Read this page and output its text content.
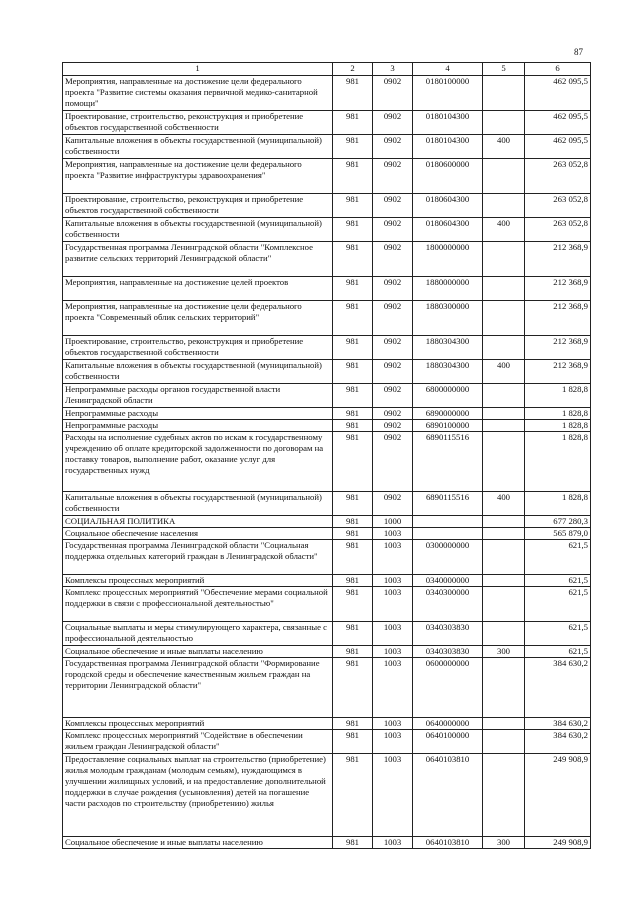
87
1	2	3	4	5	6
Мероприятия, направленные на достижение цели федерального проекта "Развитие системы оказания первичной медико-санитарной помощи"	981	0902	0180100000		462 095,5
Проектирование, строительство, реконструкция и приобретение объектов государственной собственности	981	0902	0180104300		462 095,5
Капитальные вложения в объекты государственной (муниципальной) собственности	981	0902	0180104300	400	462 095,5
Мероприятия, направленные на достижение цели федерального проекта "Развитие инфраструктуры здравоохранения"	981	0902	0180600000		263 052,8
Проектирование, строительство, реконструкция и приобретение объектов государственной собственности	981	0902	0180604300		263 052,8
Капитальные вложения в объекты государственной (муниципальной) собственности	981	0902	0180604300	400	263 052,8
Государственная программа Ленинградской области "Комплексное развитие сельских территорий Ленинградской области"	981	0902	1800000000		212 368,9
Мероприятия, направленные на достижение целей проектов	981	0902	1880000000		212 368,9
Мероприятия, направленные на достижение цели федерального проекта "Современный облик сельских территорий"	981	0902	1880300000		212 368,9
Проектирование, строительство, реконструкция и приобретение объектов государственной собственности	981	0902	1880304300		212 368,9
Капитальные вложения в объекты государственной (муниципальной) собственности	981	0902	1880304300	400	212 368,9
Непрограммные расходы органов государственной власти Ленинградской области	981	0902	6800000000		1 828,8
Непрограммные расходы	981	0902	6890000000		1 828,8
Непрограммные расходы	981	0902	6890100000		1 828,8
Расходы на исполнение судебных актов по искам к государственному учреждению об оплате кредиторской задолженности по договорам на поставку товаров, выполнение работ, оказание услуг для государственных нужд	981	0902	6890115516		1 828,8
Капитальные вложения в объекты государственной (муниципальной) собственности	981	0902	6890115516	400	1 828,8
СОЦИАЛЬНАЯ ПОЛИТИКА	981	1000			677 280,3
Социальное обеспечение населения	981	1003			565 879,0
Государственная программа Ленинградской области "Социальная поддержка отдельных категорий граждан в Ленинградской области"	981	1003	0300000000		621,5
Комплексы процессных мероприятий	981	1003	0340000000		621,5
Комплекс процессных мероприятий "Обеспечение мерами социальной поддержки в связи с профессиональной деятельностью"	981	1003	0340300000		621,5
Социальные выплаты и меры стимулирующего характера, связанные с профессиональной деятельностью	981	1003	0340303830		621,5
Социальное обеспечение и иные выплаты населению	981	1003	0340303830	300	621,5
Государственная программа Ленинградской области "Формирование городской среды и обеспечение качественным жильем граждан на территории Ленинградской области"	981	1003	0600000000		384 630,2
Комплексы процессных мероприятий	981	1003	0640000000		384 630,2
Комплекс процессных мероприятий "Содействие в обеспечении жильем граждан Ленинградской области"	981	1003	0640100000		384 630,2
Предоставление социальных выплат на строительство (приобретение) жилья молодым гражданам (молодым семьям), нуждающимся в улучшении жилищных условий, и на предоставление дополнительной поддержки в случае рождения (усыновления) детей на погашение части расходов по строительству (приобретению) жилья	981	1003	0640103810		249 908,9
Социальное обеспечение и иные выплаты населению	981	1003	0640103810	300	249 908,9
